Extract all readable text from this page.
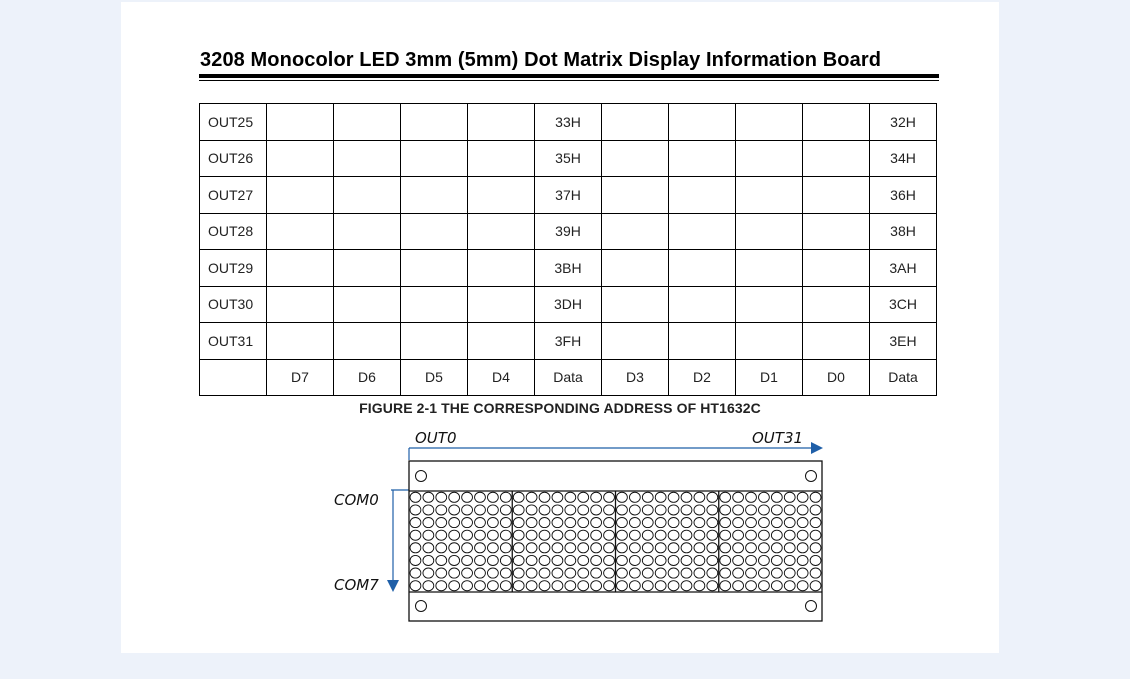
3208 Monocolor LED 3mm (5mm) Dot Matrix Display Information Board
OUT25					33H					32H
OUT26					35H					34H
OUT27					37H					36H
OUT28					39H					38H
OUT29					3BH					3AH
OUT30					3DH					3CH
OUT31					3FH					3EH
	D7	D6	D5	D4	Data	D3	D2	D1	D0	Data
FIGURE 2-1 THE CORRESPONDING ADDRESS OF HT1632C
OUT0	OUT31
COM0
COM7
